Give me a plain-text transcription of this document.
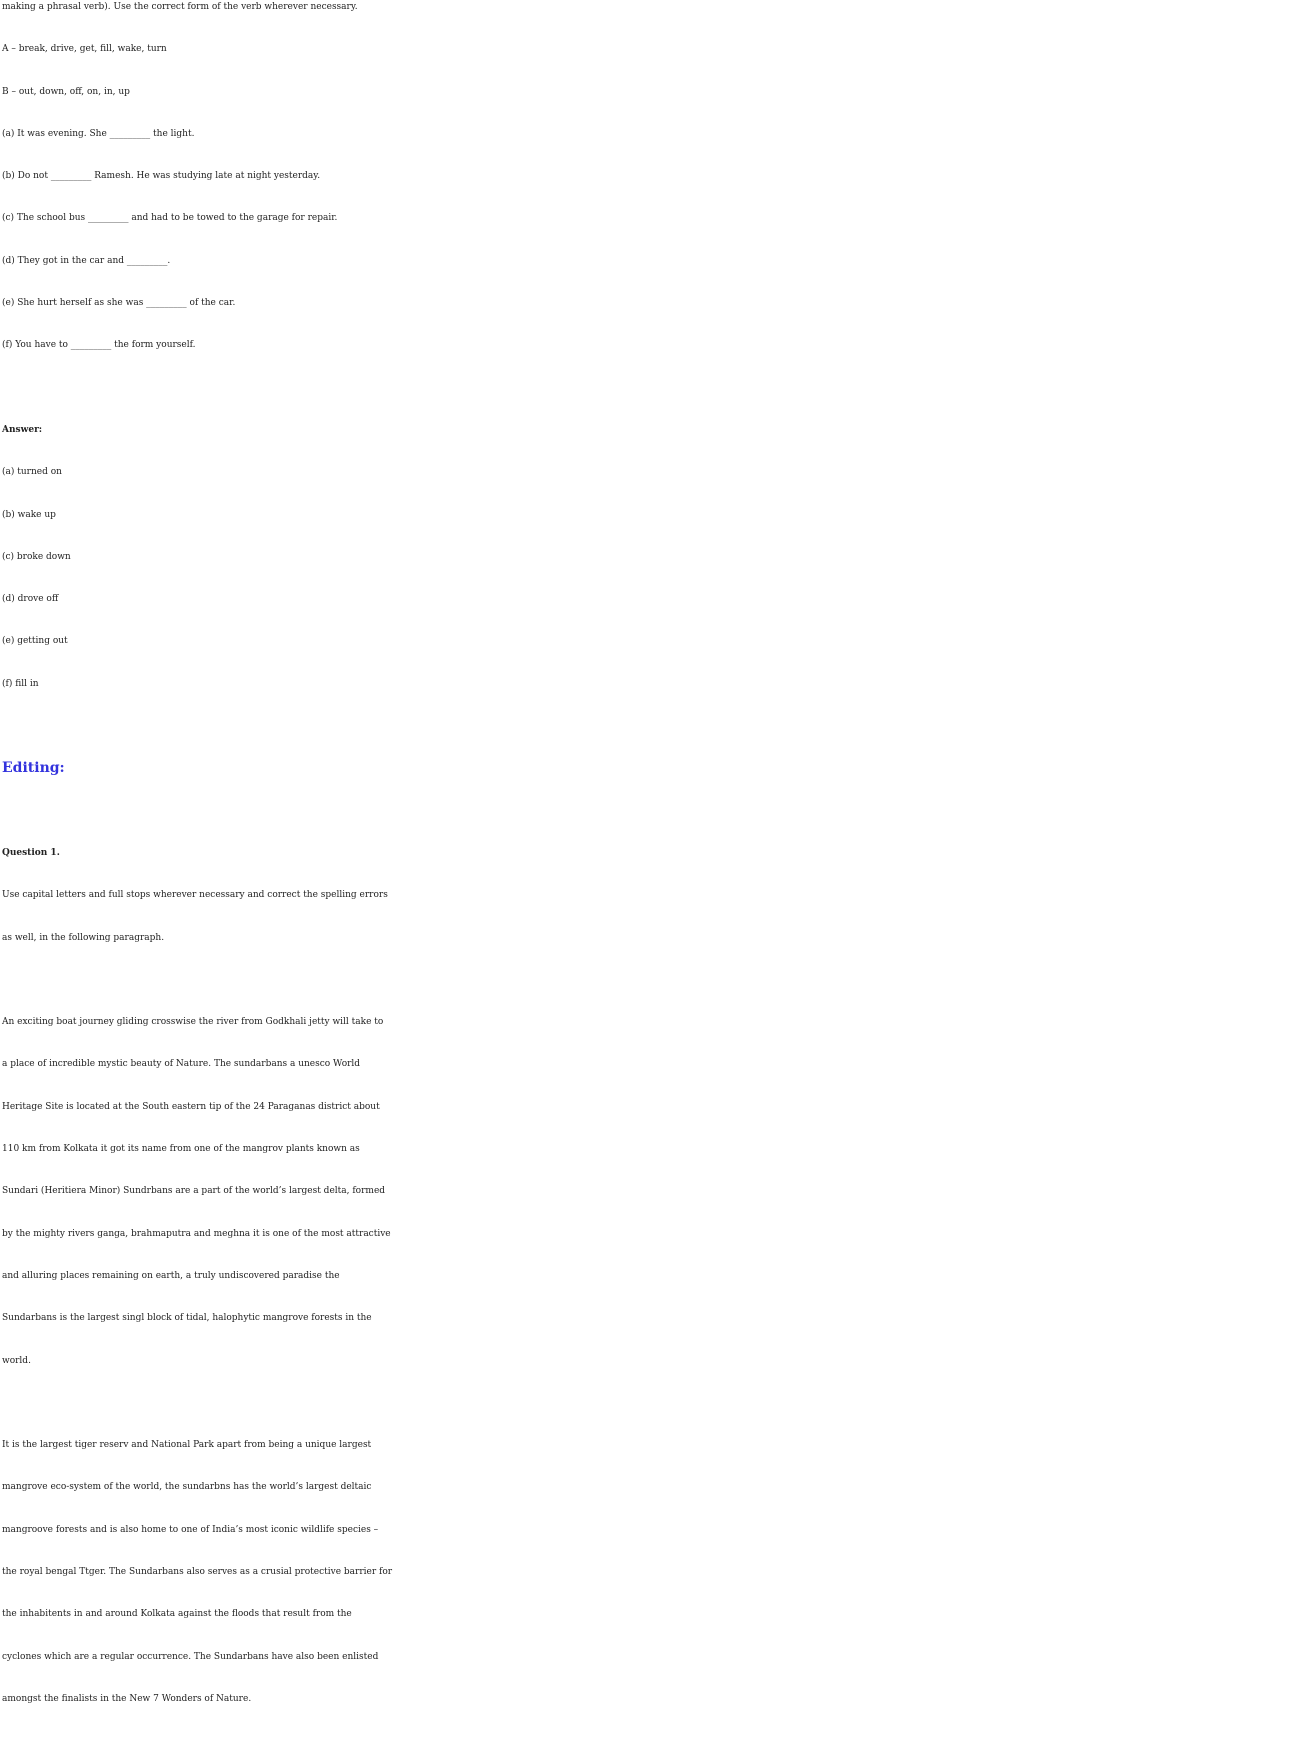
making a phrasal verb). Use the correct form of the verb wherever necessary.

A – break, drive, get, fill, wake, turn

B – out, down, off, on, in, up

(a) It was evening. She _________ the light.

(b) Do not _________ Ramesh. He was studying late at night yesterday.

(c) The school bus _________ and had to be towed to the garage for repair.

(d) They got in the car and _________.

(e) She hurt herself as she was _________ of the car.

(f) You have to _________ the form yourself.

Answer:

(a) turned on

(b) wake up

(c) broke down

(d) drove off

(e) getting out

(f) fill in

Editing:

Question 1.

Use capital letters and full stops wherever necessary and correct the spelling errors

as well, in the following paragraph.

An exciting boat journey gliding crosswise the river from Godkhali jetty will take to

a place of incredible mystic beauty of Nature. The sundarbans a unesco World

Heritage Site is located at the South eastern tip of the 24 Paraganas district about

110 km from Kolkata it got its name from one of the mangrov plants known as

Sundari (Heritiera Minor) Sundrbans are a part of the world’s largest delta, formed

by the mighty rivers ganga, brahmaputra and meghna it is one of the most attractive

and alluring places remaining on earth, a truly undiscovered paradise the

Sundarbans is the largest singl block of tidal, halophytic mangrove forests in the

world.

It is the largest tiger reserv and National Park apart from being a unique largest

mangrove eco-system of the world, the sundarbns has the world’s largest deltaic

mangroove forests and is also home to one of India’s most iconic wildlife species –

the royal bengal Ttger. The Sundarbans also serves as a crusial protective barrier for

the inhabitents in and around Kolkata against the floods that result from the

cyclones which are a regular occurrence. The Sundarbans have also been enlisted

amongst the finalists in the New 7 Wonders of Nature.
